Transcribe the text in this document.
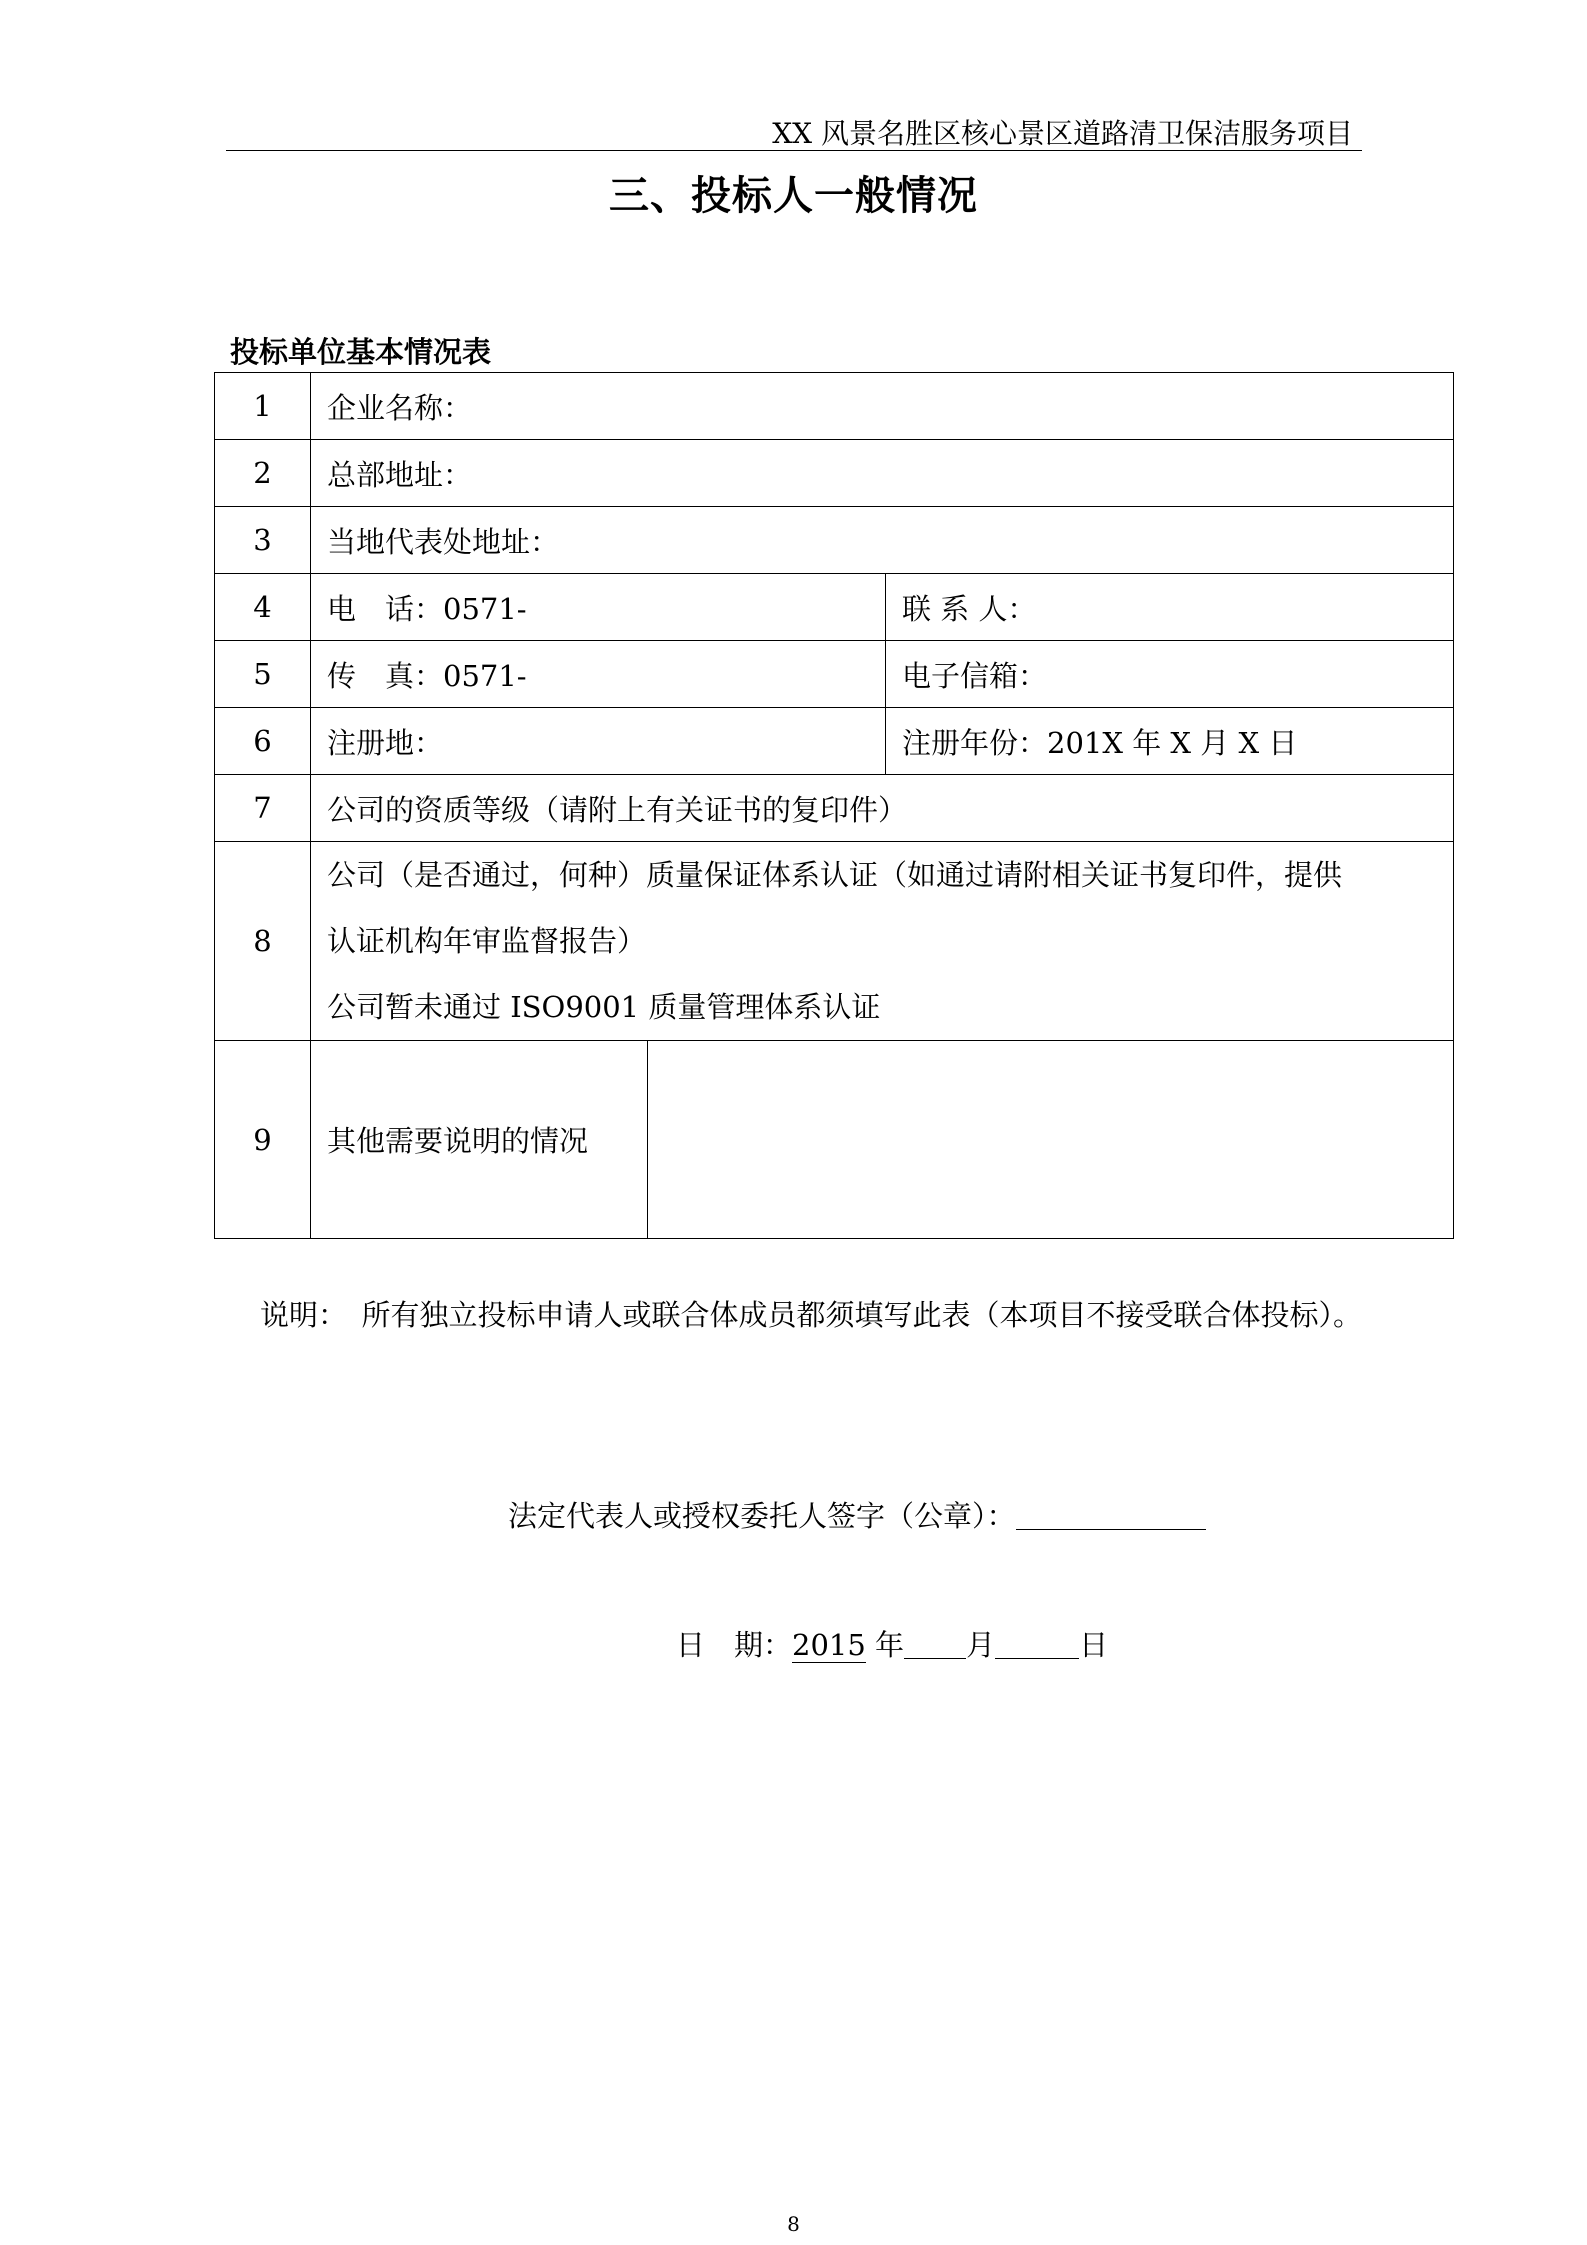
XX 风景名胜区核心景区道路清卫保洁服务项目
三、投标人一般情况
投标单位基本情况表
1	企业名称：		
2	总部地址：		
3	当地代表处地址：		
4	电　话：0571-		联 系 人：
5	传　真：0571-		电子信箱：
6	注册地：		注册年份：201X 年 X 月 X 日
7	公司的资质等级（请附上有关证书的复印件）		
8	公司（是否通过，何种）质量保证体系认证（如通过请附相关证书复印件，提供
认证机构年审监督报告）
公司暂未通过 ISO9001 质量管理体系认证		

9	其他需要说明的情况		
说明：　所有独立投标申请人或联合体成员都须填写此表（本项目不接受联合体投标）。
法定代表人或授权委托人签字（公章）：
日　期：2015 年 月	日
8
